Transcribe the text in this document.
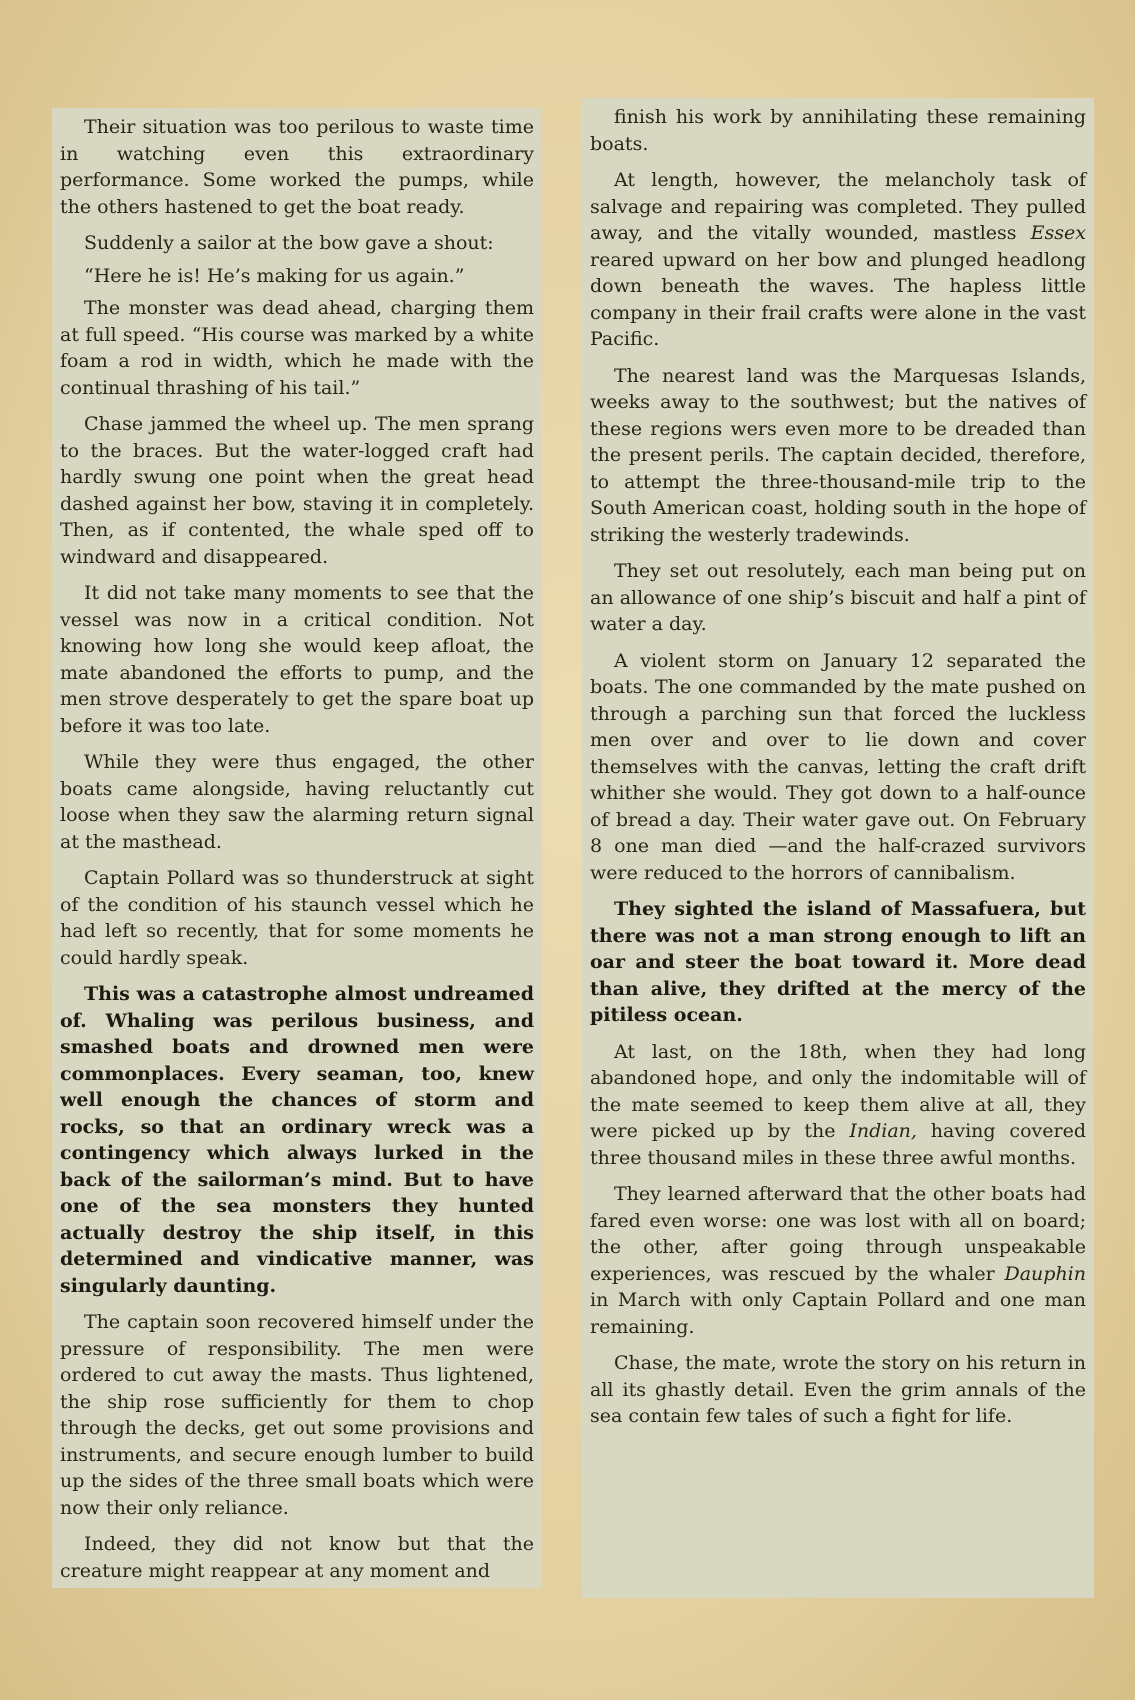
Their situation was too perilous to waste time in watching even this extraordinary performance. Some worked the pumps, while the others hastened to get the boat ready.

Suddenly a sailor at the bow gave a shout:

“Here he is! He’s making for us again.”

The monster was dead ahead, charging them at full speed. “His course was marked by a white foam a rod in width, which he made with the continual thrashing of his tail.”

Chase jammed the wheel up. The men sprang to the braces. But the water-logged craft had hardly swung one point when the great head dashed against her bow, staving it in completely. Then, as if contented, the whale sped off to windward and disappeared.

It did not take many moments to see that the vessel was now in a critical condition. Not knowing how long she would keep afloat, the mate abandoned the efforts to pump, and the men strove desperately to get the spare boat up before it was too late.

While they were thus engaged, the other boats came alongside, having reluctantly cut loose when they saw the alarming return signal at the masthead.

Captain Pollard was so thunderstruck at sight of the condition of his staunch vessel which he had left so recently, that for some moments he could hardly speak.

This was a catastrophe almost undreamed of. Whaling was perilous business, and smashed boats and drowned men were commonplaces. Every seaman, too, knew well enough the chances of storm and rocks, so that an ordinary wreck was a contingency which always lurked in the back of the sailorman’s mind. But to have one of the sea monsters they hunted actually destroy the ship itself, in this determined and vindicative manner, was singularly daunting.

The captain soon recovered himself under the pressure of responsibility. The men were ordered to cut away the masts. Thus lightened, the ship rose sufficiently for them to chop through the decks, get out some provisions and instruments, and secure enough lumber to build up the sides of the three small boats which were now their only reliance.

Indeed, they did not know but that the creature might reappear at any moment and

finish his work by annihilating these remaining boats.

At length, however, the melancholy task of salvage and repairing was completed. They pulled away, and the vitally wounded, mastless Essex reared upward on her bow and plunged headlong down beneath the waves. The hapless little company in their frail crafts were alone in the vast Pacific.

The nearest land was the Marquesas Islands, weeks away to the southwest; but the natives of these regions wers even more to be dreaded than the present perils. The captain decided, therefore, to attempt the three-thousand-mile trip to the South American coast, holding south in the hope of striking the westerly tradewinds.

They set out resolutely, each man being put on an allowance of one ship’s biscuit and half a pint of water a day.

A violent storm on January 12 separated the boats. The one commanded by the mate pushed on through a parching sun that forced the luckless men over and over to lie down and cover themselves with the canvas, letting the craft drift whither she would. They got down to a half-ounce of bread a day. Their water gave out. On February 8 one man died —and the half-crazed survivors were reduced to the horrors of cannibalism.

They sighted the island of Massafuera, but there was not a man strong enough to lift an oar and steer the boat toward it. More dead than alive, they drifted at the mercy of the pitiless ocean.

At last, on the 18th, when they had long abandoned hope, and only the indomitable will of the mate seemed to keep them alive at all, they were picked up by the Indian, having covered three thousand miles in these three awful months.

They learned afterward that the other boats had fared even worse: one was lost with all on board; the other, after going through unspeakable experiences, was rescued by the whaler Dauphin in March with only Captain Pollard and one man remaining.

Chase, the mate, wrote the story on his return in all its ghastly detail. Even the grim annals of the sea contain few tales of such a fight for life.
